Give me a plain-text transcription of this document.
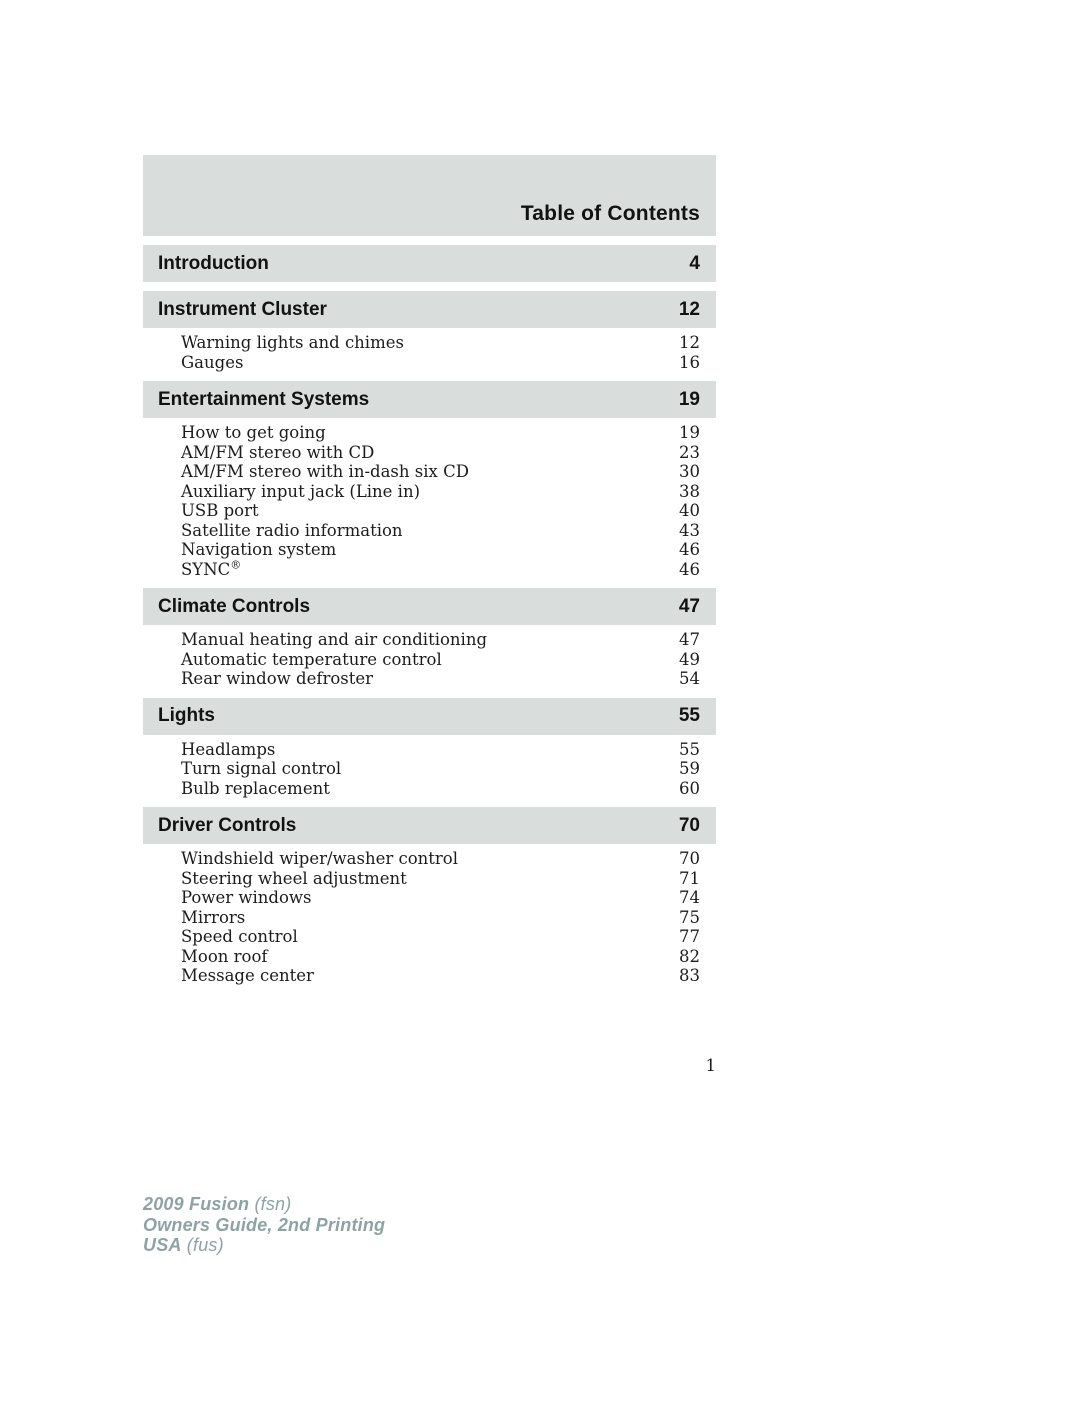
Table of Contents
Introduction	4
Instrument Cluster	12
Warning lights and chimes	12
Gauges	16
Entertainment Systems	19
How to get going	19
AM/FM stereo with CD	23
AM/FM stereo with in-dash six CD	30
Auxiliary input jack (Line in)	38
USB port	40
Satellite radio information	43
Navigation system	46
SYNC®	46
Climate Controls	47
Manual heating and air conditioning	47
Automatic temperature control	49
Rear window defroster	54
Lights	55
Headlamps	55
Turn signal control	59
Bulb replacement	60
Driver Controls	70
Windshield wiper/washer control	70
Steering wheel adjustment	71
Power windows	74
Mirrors	75
Speed control	77
Moon roof	82
Message center	83
1
2009 Fusion (fsn)
Owners Guide, 2nd Printing
USA (fus)
